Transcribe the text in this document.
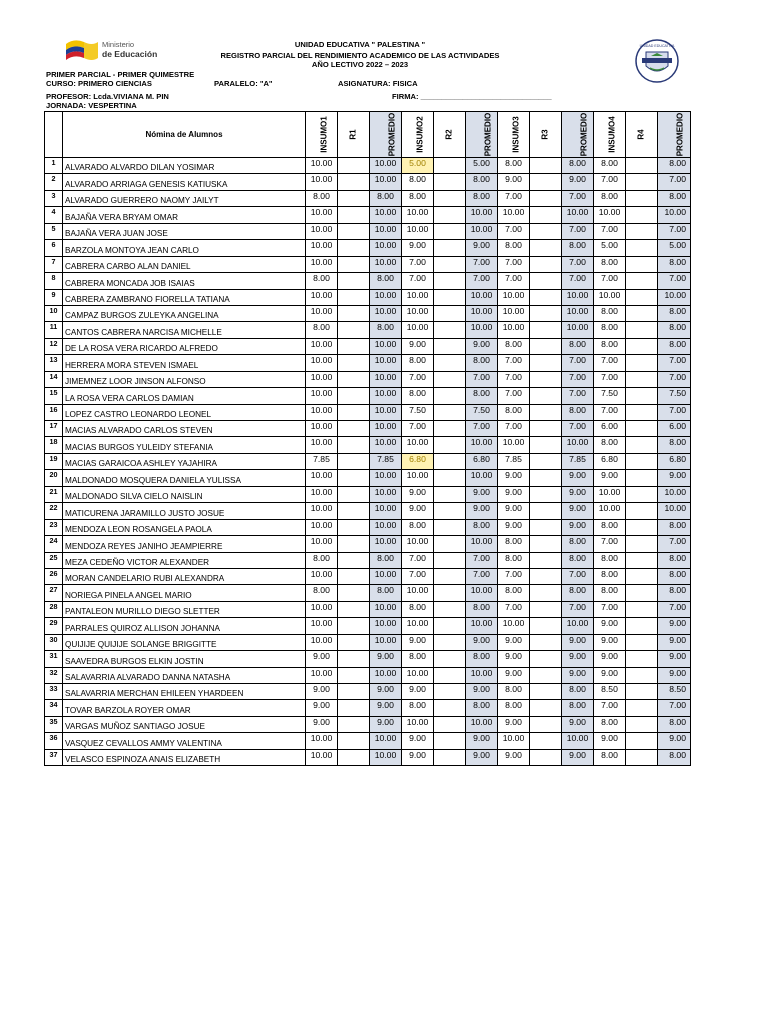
Ministerio
de Educación
UNIDAD EDUCATIVA
UNIDAD EDUCATIVA " PALESTINA "
REGISTRO PARCIAL DEL RENDIMIENTO ACADEMICO DE LAS ACTIVIDADES
AÑO LECTIVO 2022 – 2023
PRIMER PARCIAL - PRIMER QUIMESTRE
CURSO: PRIMERO CIENCIAS	PARALELO: "A"	ASIGNATURA: FISICA
PROFESOR: Lcda.VIVIANA M. PIN	FIRMA: _______________________________
JORNADA: VESPERTINA
	Nómina de Alumnos	INSUMO1	R1	PROMEDIO	INSUMO2	R2	PROMEDIO	INSUMO3	R3	PROMEDIO	INSUMO4	R4	PROMEDIO
1	ALVARADO ALVARDO DILAN YOSIMAR	10.00		10.00	5.00		5.00	8.00		8.00	8.00		8.00
2	ALVARADO ARRIAGA GENESIS KATIUSKA	10.00		10.00	8.00		8.00	9.00		9.00	7.00		7.00
3	ALVARADO GUERRERO NAOMY JAILYT	8.00		8.00	8.00		8.00	7.00		7.00	8.00		8.00
4	BAJAÑA VERA BRYAM OMAR	10.00		10.00	10.00		10.00	10.00		10.00	10.00		10.00
5	BAJAÑA VERA JUAN JOSE	10.00		10.00	10.00		10.00	7.00		7.00	7.00		7.00
6	BARZOLA MONTOYA JEAN CARLO	10.00		10.00	9.00		9.00	8.00		8.00	5.00		5.00
7	CABRERA CARBO ALAN DANIEL	10.00		10.00	7.00		7.00	7.00		7.00	8.00		8.00
8	CABRERA MONCADA JOB ISAIAS	8.00		8.00	7.00		7.00	7.00		7.00	7.00		7.00
9	CABRERA ZAMBRANO FIORELLA TATIANA	10.00		10.00	10.00		10.00	10.00		10.00	10.00		10.00
10	CAMPAZ BURGOS ZULEYKA ANGELINA	10.00		10.00	10.00		10.00	10.00		10.00	8.00		8.00
11	CANTOS CABRERA NARCISA MICHELLE	8.00		8.00	10.00		10.00	10.00		10.00	8.00		8.00
12	DE LA ROSA VERA RICARDO ALFREDO	10.00		10.00	9.00		9.00	8.00		8.00	8.00		8.00
13	HERRERA MORA STEVEN ISMAEL	10.00		10.00	8.00		8.00	7.00		7.00	7.00		7.00
14	JIMEMNEZ LOOR JINSON ALFONSO	10.00		10.00	7.00		7.00	7.00		7.00	7.00		7.00
15	LA ROSA VERA CARLOS DAMIAN	10.00		10.00	8.00		8.00	7.00		7.00	7.50		7.50
16	LOPEZ CASTRO LEONARDO LEONEL	10.00		10.00	7.50		7.50	8.00		8.00	7.00		7.00
17	MACIAS ALVARADO CARLOS STEVEN	10.00		10.00	7.00		7.00	7.00		7.00	6.00		6.00
18	MACIAS BURGOS YULEIDY STEFANIA	10.00		10.00	10.00		10.00	10.00		10.00	8.00		8.00
19	MACIAS GARAICOA ASHLEY YAJAHIRA	7.85		7.85	6.80		6.80	7.85		7.85	6.80		6.80
20	MALDONADO MOSQUERA DANIELA YULISSA	10.00		10.00	10.00		10.00	9.00		9.00	9.00		9.00
21	MALDONADO SILVA CIELO NAISLIN	10.00		10.00	9.00		9.00	9.00		9.00	10.00		10.00
22	MATICURENA JARAMILLO JUSTO JOSUE	10.00		10.00	9.00		9.00	9.00		9.00	10.00		10.00
23	MENDOZA LEON ROSANGELA PAOLA	10.00		10.00	8.00		8.00	9.00		9.00	8.00		8.00
24	MENDOZA REYES JANIHO JEAMPIERRE	10.00		10.00	10.00		10.00	8.00		8.00	7.00		7.00
25	MEZA CEDEÑO VICTOR ALEXANDER	8.00		8.00	7.00		7.00	8.00		8.00	8.00		8.00
26	MORAN CANDELARIO RUBI ALEXANDRA	10.00		10.00	7.00		7.00	7.00		7.00	8.00		8.00
27	NORIEGA PINELA ANGEL MARIO	8.00		8.00	10.00		10.00	8.00		8.00	8.00		8.00
28	PANTALEON MURILLO DIEGO SLETTER	10.00		10.00	8.00		8.00	7.00		7.00	7.00		7.00
29	PARRALES QUIROZ ALLISON JOHANNA	10.00		10.00	10.00		10.00	10.00		10.00	9.00		9.00
30	QUIJIJE QUIJIJE SOLANGE BRIGGITTE	10.00		10.00	9.00		9.00	9.00		9.00	9.00		9.00
31	SAAVEDRA BURGOS ELKIN JOSTIN	9.00		9.00	8.00		8.00	9.00		9.00	9.00		9.00
32	SALAVARRIA ALVARADO DANNA NATASHA	10.00		10.00	10.00		10.00	9.00		9.00	9.00		9.00
33	SALAVARRIA MERCHAN EHILEEN YHARDEEN	9.00		9.00	9.00		9.00	8.00		8.00	8.50		8.50
34	TOVAR BARZOLA ROYER OMAR	9.00		9.00	8.00		8.00	8.00		8.00	7.00		7.00
35	VARGAS MUÑOZ SANTIAGO JOSUE	9.00		9.00	10.00		10.00	9.00		9.00	8.00		8.00
36	VASQUEZ CEVALLOS AMMY VALENTINA	10.00		10.00	9.00		9.00	10.00		10.00	9.00		9.00
37	VELASCO ESPINOZA ANAIS ELIZABETH	10.00		10.00	9.00		9.00	9.00		9.00	8.00		8.00
